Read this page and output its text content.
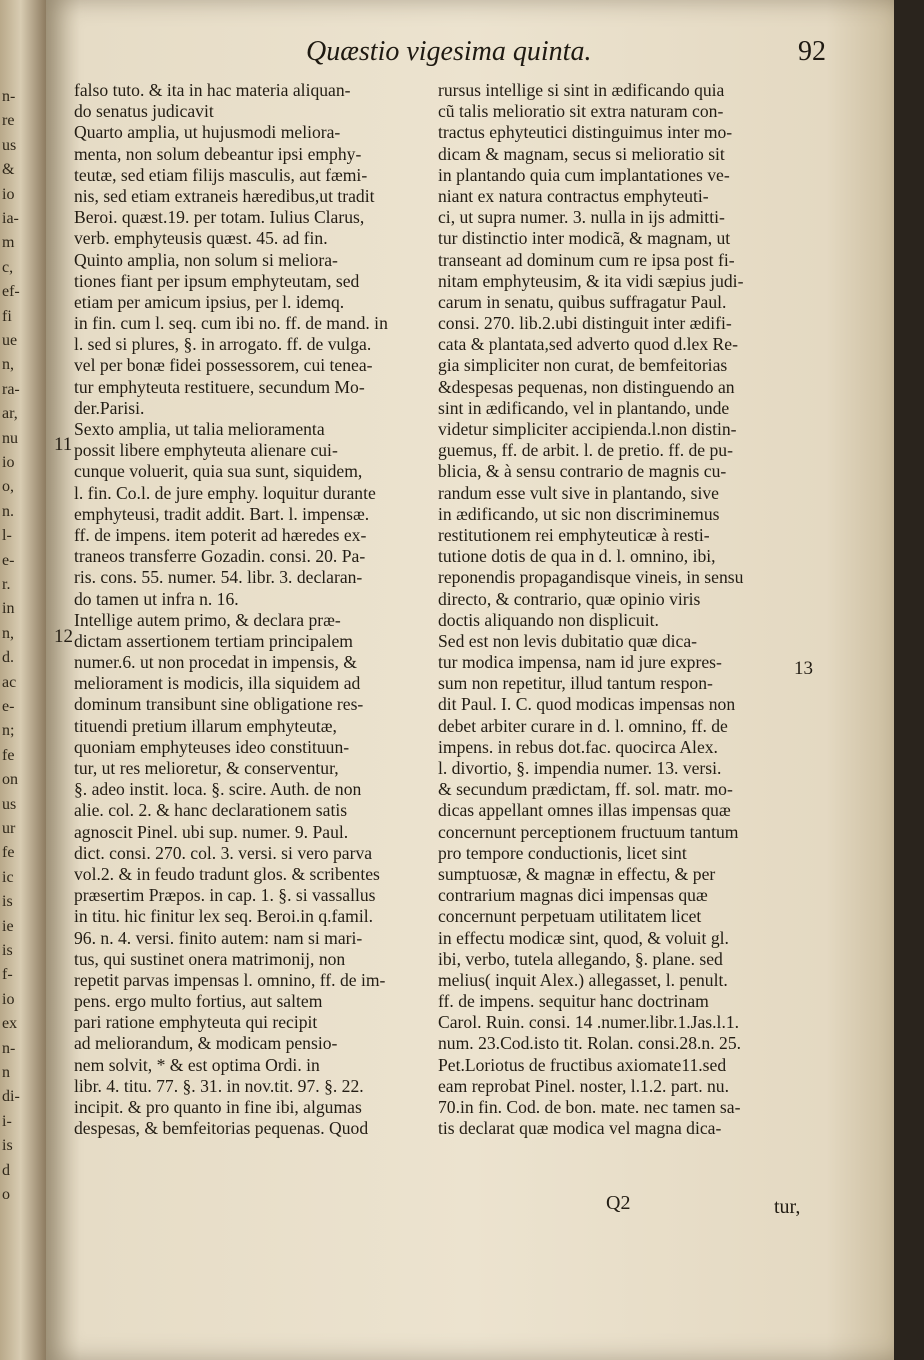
n-
re
us
&
io
ia-
m
c,
ef-
fi
ue
n,
ra-
ar,
nu
io
o,
n.
l-
e-
r.
in
n,
d.
ac
e-
n;
fe
on
us
ur
fe
ic
is
ie
is
f-
io
ex
n-
n
di-
i-
is
d
o
Quæstio vigesima quinta.	92
falso tuto. & ita in hac materia aliquan-
do senatus judicavit
Quarto amplia, ut hujusmodi meliora-
menta, non solum debeantur ipsi emphy-
teutæ, sed etiam filijs masculis, aut fæmi-
nis, sed etiam extraneis hæredibus,ut tradit
Beroi. quæst.19. per totam. Iulius Clarus,
verb. emphyteusis quæst. 45. ad fin.
Quinto amplia, non solum si meliora-
tiones fiant per ipsum emphyteutam, sed
etiam per amicum ipsius, per l. idemq.
in fin. cum l. seq. cum ibi no. ff. de mand. in
l. sed si plures, §. in arrogato. ff. de vulga.
vel per bonæ fidei possessorem, cui tenea-
tur emphyteuta restituere, secundum Mo-
der.Parisi.
Sexto amplia, ut talia melioramenta
possit libere emphyteuta alienare cui-
cunque voluerit, quia sua sunt, siquidem,
l. fin. Co.l. de jure emphy. loquitur durante
emphyteusi, tradit addit. Bart. l. impensæ.
ff. de impens. item poterit ad hæredes ex-
traneos transferre Gozadin. consi. 20. Pa-
ris. cons. 55. numer. 54. libr. 3. declaran-
do tamen ut infra n. 16.
Intellige autem primo, & declara præ-
dictam assertionem tertiam principalem
numer.6. ut non procedat in impensis, &
meliorament is modicis, illa siquidem ad
dominum transibunt sine obligatione res-
tituendi pretium illarum emphyteutæ,
quoniam emphyteuses ideo constituun-
tur, ut res melioretur, & conserventur,
§. adeo instit. loca. §. scire. Auth. de non
alie. col. 2. & hanc declarationem satis
agnoscit Pinel. ubi sup. numer. 9. Paul.
dict. consi. 270. col. 3. versi. si vero parva
vol.2. & in feudo tradunt glos. & scribentes
præsertim Præpos. in cap. 1. §. si vassallus
in titu. hic finitur lex seq. Beroi.in q.famil.
96. n. 4. versi. finito autem: nam si mari-
tus, qui sustinet onera matrimonij, non
repetit parvas impensas l. omnino, ff. de im-
pens. ergo multo fortius, aut saltem
pari ratione emphyteuta qui recipit
ad meliorandum, & modicam pensio-
nem solvit, * & est optima Ordi. in
libr. 4. titu. 77. §. 31. in nov.tit. 97. §. 22.
incipit. & pro quanto in fine ibi, algumas
despesas, & bemfeitorias pequenas. Quod
rursus intellige si sint in ædificando quia
cũ talis melioratio sit extra naturam con-
tractus ephyteutici distinguimus inter mo-
dicam & magnam, secus si melioratio sit
in plantando quia cum implantationes ve-
niant ex natura contractus emphyteuti-
ci, ut supra numer. 3. nulla in ijs admitti-
tur distinctio inter modicã, & magnam, ut
transeant ad dominum cum re ipsa post fi-
nitam emphyteusim, & ita vidi sæpius judi-
carum in senatu, quibus suffragatur Paul.
consi. 270. lib.2.ubi distinguit inter ædifi-
cata & plantata,sed adverto quod d.lex Re-
gia simpliciter non curat, de bemfeitorias
&despesas pequenas, non distinguendo an
sint in ædificando, vel in plantando, unde
videtur simpliciter accipienda.l.non distin-
guemus, ff. de arbit. l. de pretio. ff. de pu-
blicia, & à sensu contrario de magnis cu-
randum esse vult sive in plantando, sive
in ædificando, ut sic non discriminemus
restitutionem rei emphyteuticæ à resti-
tutione dotis de qua in d. l. omnino, ibi,
reponendis propagandisque vineis, in sensu
directo, & contrario, quæ opinio viris
doctis aliquando non displicuit.
Sed est non levis dubitatio quæ dica-
tur modica impensa, nam id jure expres-
sum non repetitur, illud tantum respon-
dit Paul. I. C. quod modicas impensas non
debet arbiter curare in d. l. omnino, ff. de
impens. in rebus dot.fac. quocirca Alex.
l. divortio, §. impendia numer. 13. versi.
& secundum prædictam, ff. sol. matr. mo-
dicas appellant omnes illas impensas quæ
concernunt perceptionem fructuum tantum
pro tempore conductionis, licet sint
sumptuosæ, & magnæ in effectu, & per
contrarium magnas dici impensas quæ
concernunt perpetuam utilitatem licet
in effectu modicæ sint, quod, & voluit gl.
ibi, verbo, tutela allegando, §. plane. sed
melius( inquit Alex.) allegasset, l. penult.
ff. de impens. sequitur hanc doctrinam
Carol. Ruin. consi. 14 .numer.libr.1.Jas.l.1.
num. 23.Cod.isto tit. Rolan. consi.28.n. 25.
Pet.Loriotus de fructibus axiomate11.sed
eam reprobat Pinel. noster, l.1.2. part. nu.
70.in fin. Cod. de bon. mate. nec tamen sa-
tis declarat quæ modica vel magna dica-
11
12
13
Q2	tur,
